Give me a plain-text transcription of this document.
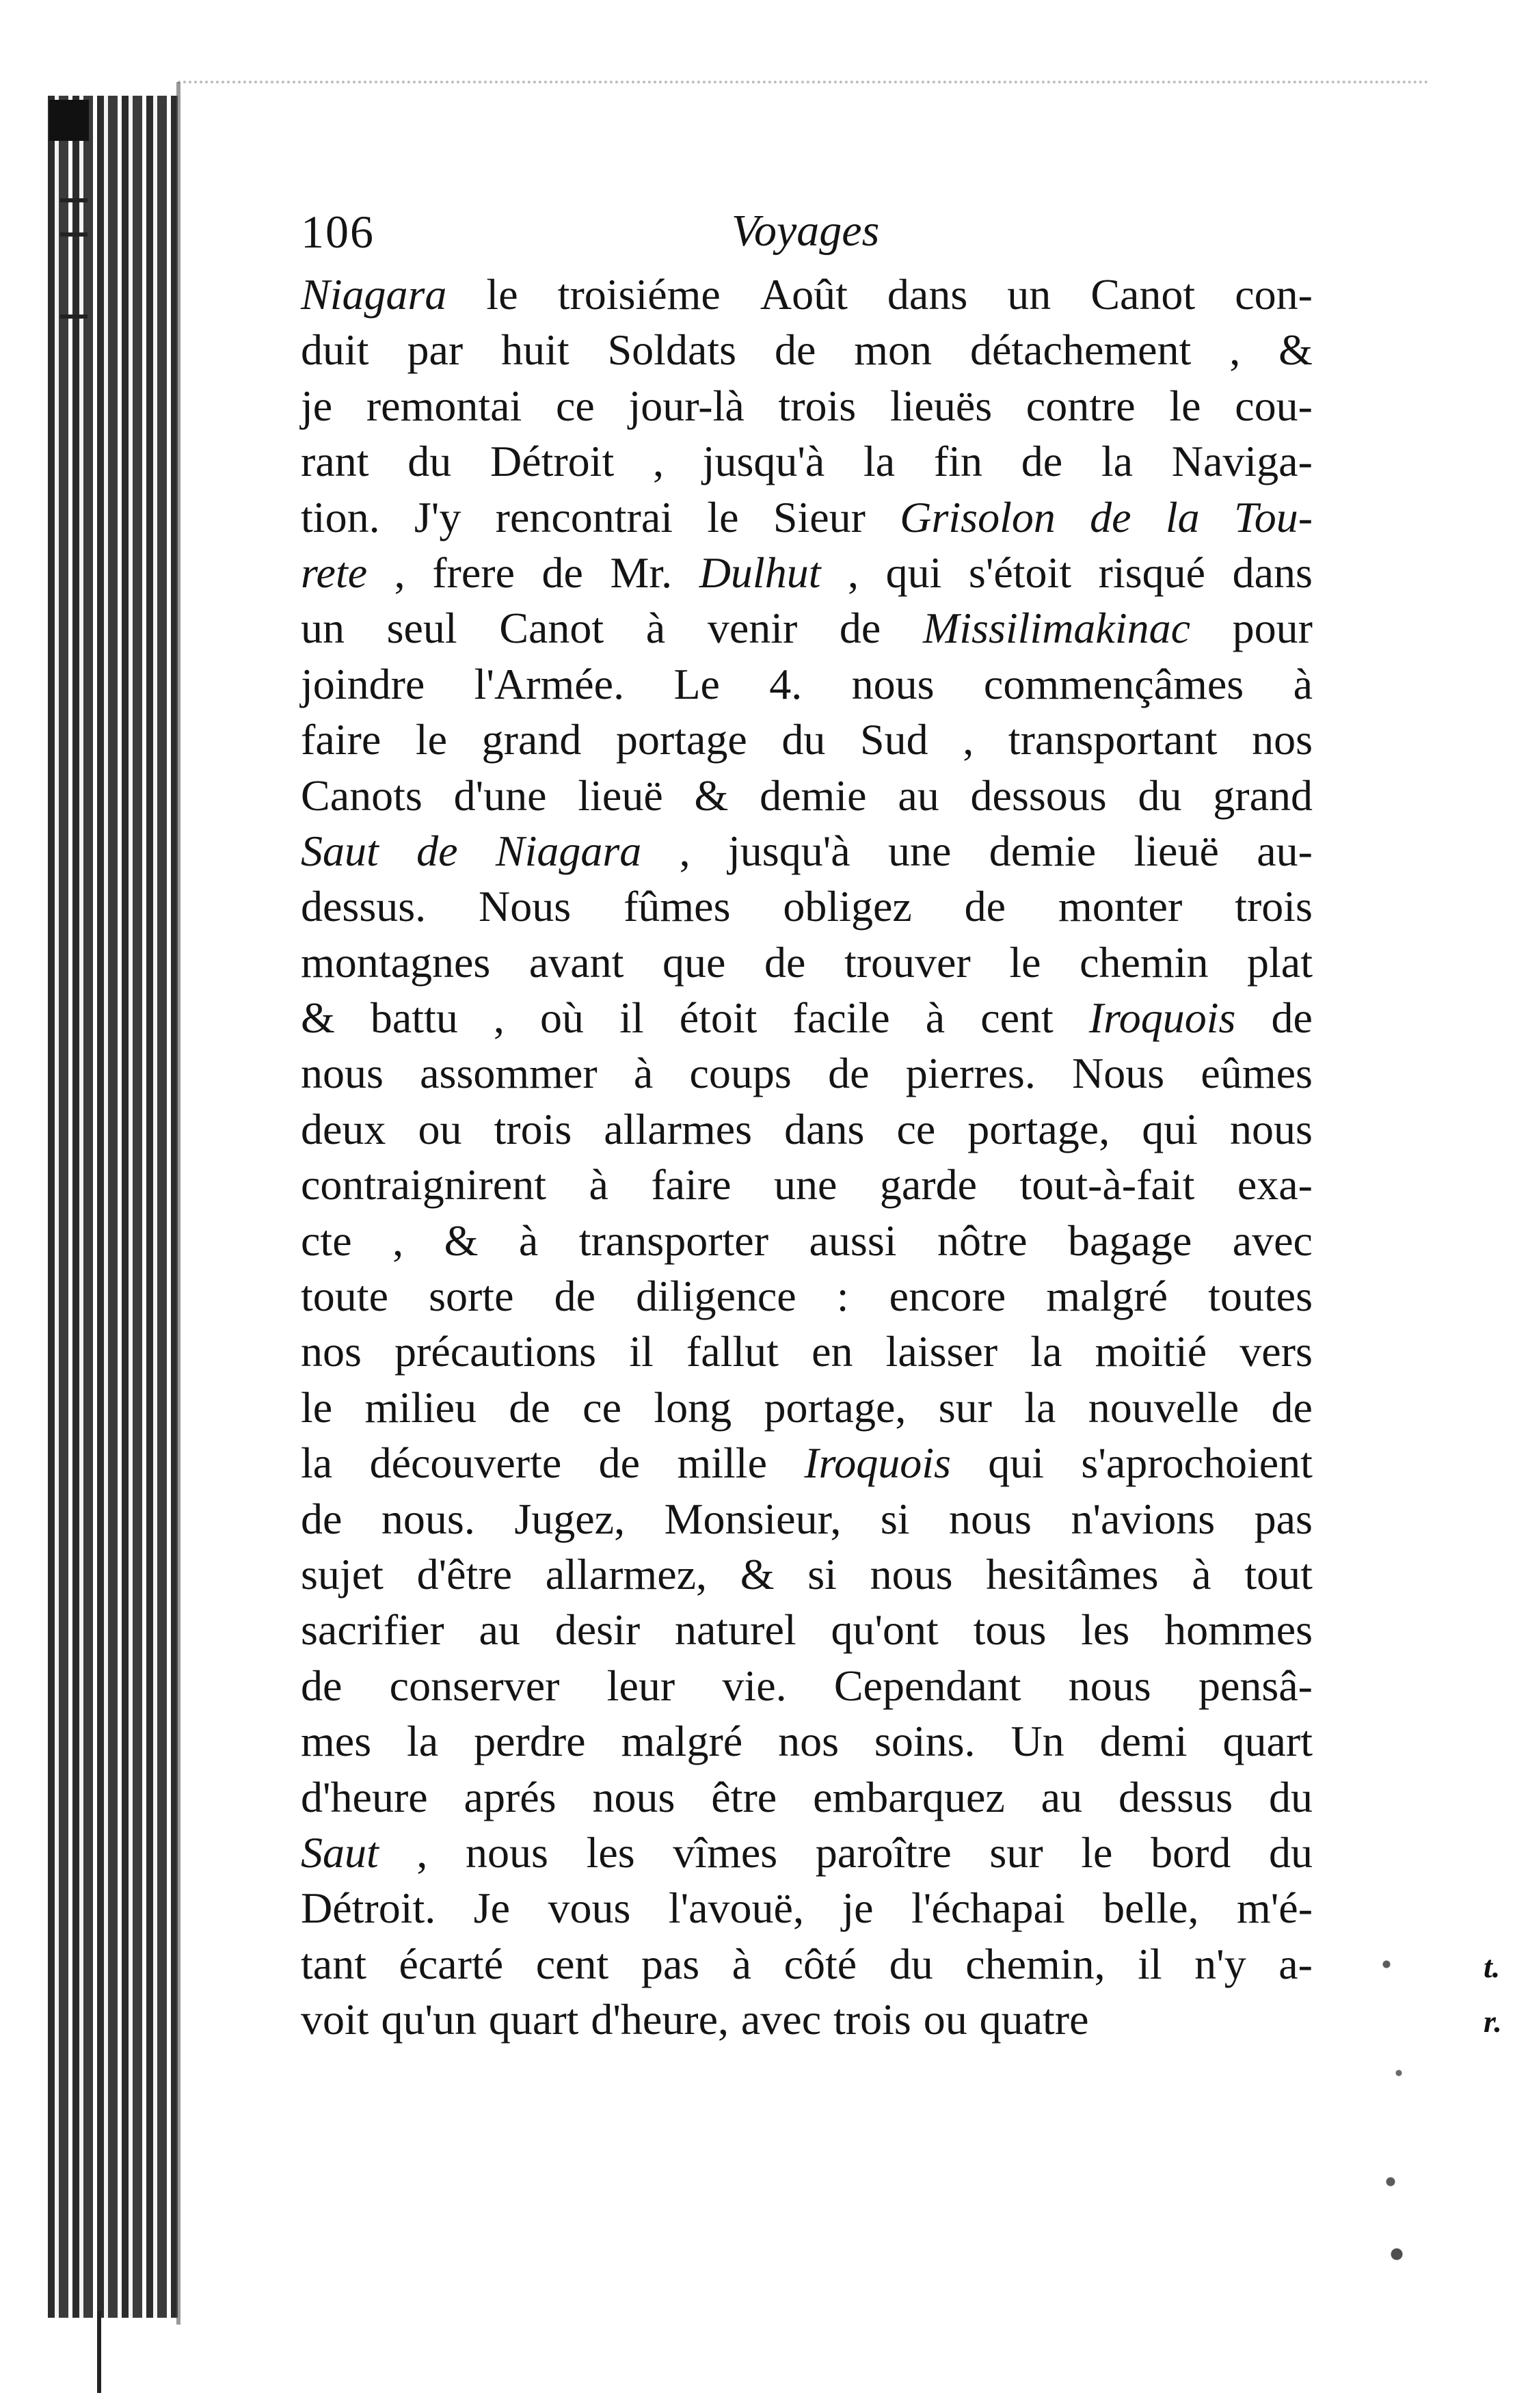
t.
r.
106	Voyages
Niagara le troisiéme Août dans un Canot con-
duit par huit Soldats de mon détachement , &
je remontai ce jour-là trois lieuës contre le cou-
rant du Détroit , jusqu'à la fin de la Naviga-
tion. J'y rencontrai le Sieur Grisolon de la Tou-
rete , frere de Mr. Dulhut , qui s'étoit risqué dans
un seul Canot à venir de Missilimakinac pour
joindre l'Armée. Le 4. nous commençâmes à
faire le grand portage du Sud , transportant nos
Canots d'une lieuë & demie au dessous du grand
Saut de Niagara , jusqu'à une demie lieuë au-
dessus. Nous fûmes obligez de monter trois
montagnes avant que de trouver le chemin plat
& battu , où il étoit facile à cent Iroquois de
nous assommer à coups de pierres. Nous eûmes
deux ou trois allarmes dans ce portage, qui nous
contraignirent à faire une garde tout-à-fait exa-
cte , & à transporter aussi nôtre bagage avec
toute sorte de diligence : encore malgré toutes
nos précautions il fallut en laisser la moitié vers
le milieu de ce long portage, sur la nouvelle de
la découverte de mille Iroquois qui s'aprochoient
de nous. Jugez, Monsieur, si nous n'avions pas
sujet d'être allarmez, & si nous hesitâmes à tout
sacrifier au desir naturel qu'ont tous les hommes
de conserver leur vie. Cependant nous pensâ-
mes la perdre malgré nos soins. Un demi quart
d'heure aprés nous être embarquez au dessus du
Saut , nous les vîmes paroître sur le bord du
Détroit. Je vous l'avouë, je l'échapai belle, m'é-
tant écarté cent pas à côté du chemin, il n'y a-
voit qu'un quart d'heure, avec trois ou quatre
